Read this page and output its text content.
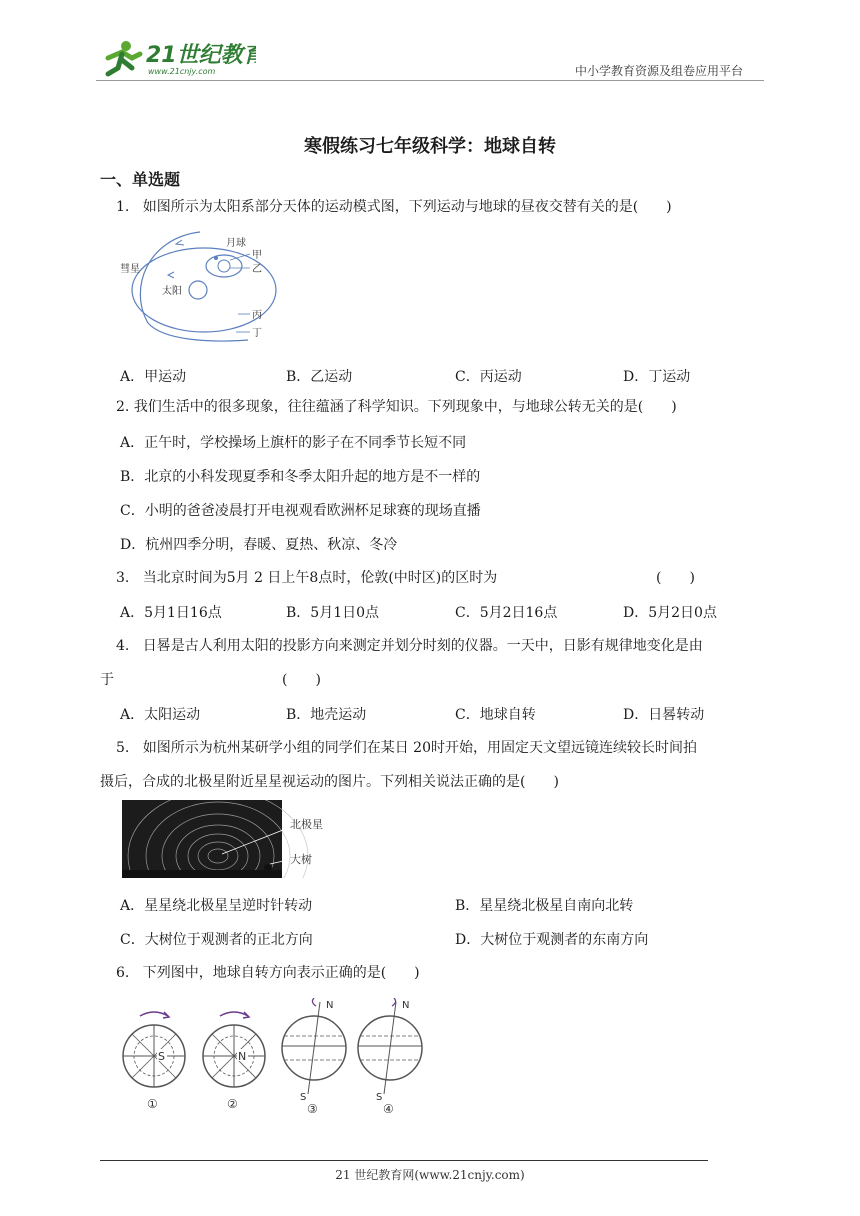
21世纪教育
www.21cnjy.com	中小学教育资源及组卷应用平台
寒假练习七年级科学：地球自转
一、单选题
1. 如图所示为太阳系部分天体的运动模式图，下列运动与地球的昼夜交替有关的是(　　)
太阳
月球
甲
乙
彗星
丙
丁
A．甲运动	B．乙运动	C．丙运动	D．丁运动
2. 我们生活中的很多现象，往往蕴涵了科学知识。下列现象中，与地球公转无关的是(　　)
A．正午时，学校操场上旗杆的影子在不同季节长短不同
B．北京的小科发现夏季和冬季太阳升起的地方是不一样的
C．小明的爸爸凌晨打开电视观看欧洲杯足球赛的现场直播
D．杭州四季分明，春暖、夏热、秋凉、冬冷
3. 当北京时间为5月 2 日上午8点时，伦敦(中时区)的区时为	(　　)
A．5月1日16点	B．5月1日0点	C．5月2日16点	D．5月2日0点
4. 日晷是古人利用太阳的投影方向来测定并划分时刻的仪器。一天中，日影有规律地变化是由
于	(　　)
A．太阳运动	B．地壳运动	C．地球自转	D．日晷转动
5. 如图所示为杭州某研学小组的同学们在某日 20时开始，用固定天文望远镜连续较长时间拍
摄后，合成的北极星附近星星视运动的图片。下列相关说法正确的是(　　)
北极星
大树
A．星星绕北极星呈逆时针转动	B．星星绕北极星自南向北转
C．大树位于观测者的正北方向	D．大树位于观测者的东南方向
6. 下列图中，地球自转方向表示正确的是(　　)
S
①
N
②
N
S
③
N
S
④
21 世纪教育网(www.21cnjy.com)
